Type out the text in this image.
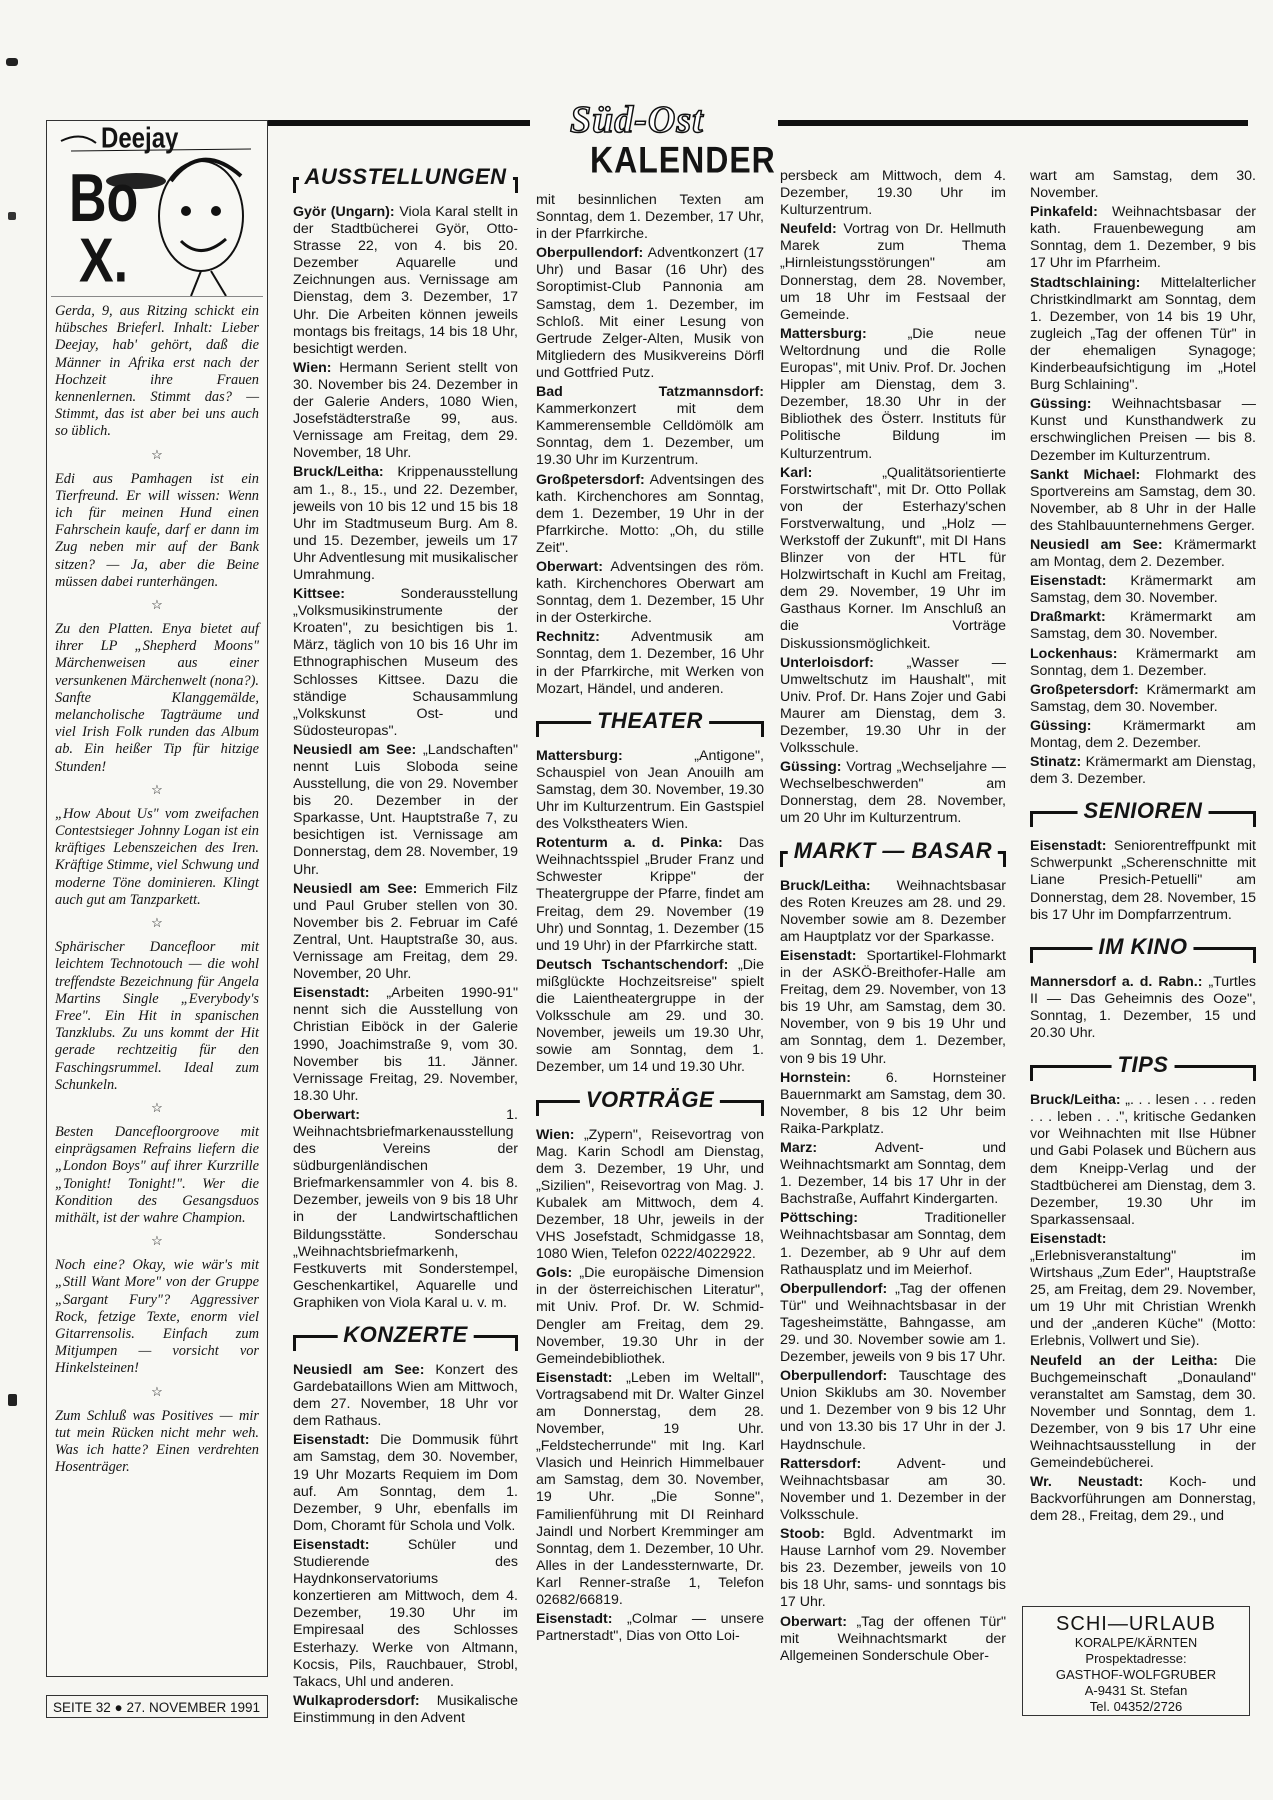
Süd-Ost
KALENDER
Deejay
Bo
X.

Gerda, 9, aus Ritzing schickt ein hübsches Brieferl. Inhalt: Lieber Deejay, hab' gehört, daß die Männer in Afrika erst nach der Hochzeit ihre Frauen kennenlernen. Stimmt das? — Stimmt, das ist aber bei uns auch so üblich.

☆

Edi aus Pamhagen ist ein Tierfreund. Er will wissen: Wenn ich für meinen Hund einen Fahrschein kaufe, darf er dann im Zug neben mir auf der Bank sitzen? — Ja, aber die Beine müssen dabei runterhängen.

☆

Zu den Platten. Enya bietet auf ihrer LP „Shepherd Moons" Märchenweisen aus einer versunkenen Märchenwelt (nona?). Sanfte Klanggemälde, melancholische Tagträume und viel Irish Folk runden das Album ab. Ein heißer Tip für hitzige Stunden!

☆

„How About Us" vom zweifachen Contestsieger Johnny Logan ist ein kräftiges Lebenszeichen des Iren. Kräftige Stimme, viel Schwung und moderne Töne dominieren. Klingt auch gut am Tanzparkett.

☆

Sphärischer Dancefloor mit leichtem Technotouch — die wohl treffendste Bezeichnung für Angela Martins Single „Everybody's Free". Ein Hit in spanischen Tanzklubs. Zu uns kommt der Hit gerade rechtzeitig für den Faschingsrummel. Ideal zum Schunkeln.

☆

Besten Dancefloorgroove mit einprägsamen Refrains liefern die „London Boys" auf ihrer Kurzrille „Tonight! Tonight!". Wer die Kondition des Gesangsduos mithält, ist der wahre Champion.

☆

Noch eine? Okay, wie wär's mit „Still Want More" von der Gruppe „Sargant Fury"? Aggressiver Rock, fetzige Texte, enorm viel Gitarrensolis. Einfach zum Mitjumpen — vorsicht vor Hinkelsteinen!

☆

Zum Schluß was Positives — mir tut mein Rücken nicht mehr weh. Was ich hatte? Einen verdrehten Hosenträger.

SEITE 32 ● 27. NOVEMBER 1991
AUSSTELLUNGEN

Györ (Ungarn): Viola Karal stellt in der Stadtbücherei Györ, Otto-Strasse 22, von 4. bis 20. Dezember Aquarelle und Zeichnungen aus. Vernissage am Dienstag, dem 3. Dezember, 17 Uhr. Die Arbeiten können jeweils montags bis freitags, 14 bis 18 Uhr, besichtigt werden.

Wien: Hermann Serient stellt von 30. November bis 24. Dezember in der Galerie Anders, 1080 Wien, Josefstädterstraße 99, aus. Vernissage am Freitag, dem 29. November, 18 Uhr.

Bruck/Leitha: Krippenausstellung am 1., 8., 15., und 22. Dezember, jeweils von 10 bis 12 und 15 bis 18 Uhr im Stadtmuseum Burg. Am 8. und 15. Dezember, jeweils um 17 Uhr Adventlesung mit musikalischer Umrahmung.

Kittsee: Sonderausstellung „Volksmusikinstrumente der Kroaten", zu besichtigen bis 1. März, täglich von 10 bis 16 Uhr im Ethnographischen Museum des Schlosses Kittsee. Dazu die ständige Schausammlung „Volkskunst Ost- und Südosteuropas".

Neusiedl am See: „Landschaften" nennt Luis Sloboda seine Ausstellung, die von 29. November bis 20. Dezember in der Sparkasse, Unt. Hauptstraße 7, zu besichtigen ist. Vernissage am Donnerstag, dem 28. November, 19 Uhr.

Neusiedl am See: Emmerich Filz und Paul Gruber stellen von 30. November bis 2. Februar im Café Zentral, Unt. Hauptstraße 30, aus. Vernissage am Freitag, dem 29. November, 20 Uhr.

Eisenstadt: „Arbeiten 1990-91" nennt sich die Ausstellung von Christian Eiböck in der Galerie 1990, Joachimstraße 9, vom 30. November bis 11. Jänner. Vernissage Freitag, 29. November, 18.30 Uhr.

Oberwart: 1. Weihnachtsbriefmarkenausstellung des Vereins der südburgenländischen Briefmarkensammler von 4. bis 8. Dezember, jeweils von 9 bis 18 Uhr in der Landwirtschaftlichen Bildungsstätte. Sonderschau „Weihnachtsbriefmarkenh, Festkuverts mit Sonderstempel, Geschenkartikel, Aquarelle und Graphiken von Viola Karal u. v. m.

KONZERTE

Neusiedl am See: Konzert des Gardebataillons Wien am Mittwoch, dem 27. November, 18 Uhr vor dem Rathaus.

Eisenstadt: Die Dommusik führt am Samstag, dem 30. November, 19 Uhr Mozarts Requiem im Dom auf. Am Sonntag, dem 1. Dezember, 9 Uhr, ebenfalls im Dom, Choramt für Schola und Volk.

Eisenstadt: Schüler und Studierende des Haydnkonservatoriums konzertieren am Mittwoch, dem 4. Dezember, 19.30 Uhr im Empiresaal des Schlosses Esterhazy. Werke von Altmann, Kocsis, Pils, Rauchbauer, Strobl, Takacs, Uhl und anderen.

Wulkaprodersdorf: Musikalische Einstimmung in den Advent

mit besinnlichen Texten am Sonntag, dem 1. Dezember, 17 Uhr, in der Pfarrkirche.

Oberpullendorf: Adventkonzert (17 Uhr) und Basar (16 Uhr) des Soroptimist-Club Pannonia am Samstag, dem 1. Dezember, im Schloß. Mit einer Lesung von Gertrude Zelger-Alten, Musik von Mitgliedern des Musikvereins Dörfl und Gottfried Putz.

Bad Tatzmannsdorf: Kammerkonzert mit dem Kammerensemble Celldömölk am Sonntag, dem 1. Dezember, um 19.30 Uhr im Kurzentrum.

Großpetersdorf: Adventsingen des kath. Kirchenchores am Sonntag, dem 1. Dezember, 19 Uhr in der Pfarrkirche. Motto: „Oh, du stille Zeit".

Oberwart: Adventsingen des röm. kath. Kirchenchores Oberwart am Sonntag, dem 1. Dezember, 15 Uhr in der Osterkirche.

Rechnitz: Adventmusik am Sonntag, dem 1. Dezember, 16 Uhr in der Pfarrkirche, mit Werken von Mozart, Händel, und anderen.

THEATER

Mattersburg: „Antigone", Schauspiel von Jean Anouilh am Samstag, dem 30. November, 19.30 Uhr im Kulturzentrum. Ein Gastspiel des Volkstheaters Wien.

Rotenturm a. d. Pinka: Das Weihnachtsspiel „Bruder Franz und Schwester Krippe" der Theatergruppe der Pfarre, findet am Freitag, dem 29. November (19 Uhr) und Sonntag, 1. Dezember (15 und 19 Uhr) in der Pfarrkirche statt.

Deutsch Tschantschendorf: „Die mißglückte Hochzeitsreise" spielt die Laientheatergruppe in der Volksschule am 29. und 30. November, jeweils um 19.30 Uhr, sowie am Sonntag, dem 1. Dezember, um 14 und 19.30 Uhr.

VORTRÄGE

Wien: „Zypern", Reisevortrag von Mag. Karin Schodl am Dienstag, dem 3. Dezember, 19 Uhr, und „Sizilien", Reisevortrag von Mag. J. Kubalek am Mittwoch, dem 4. Dezember, 18 Uhr, jeweils in der VHS Josefstadt, Schmidgasse 18, 1080 Wien, Telefon 0222/4022922.

Gols: „Die europäische Dimension in der österreichischen Literatur", mit Univ. Prof. Dr. W. Schmid-Dengler am Freitag, dem 29. November, 19.30 Uhr in der Gemeindebibliothek.

Eisenstadt: „Leben im Weltall", Vortragsabend mit Dr. Walter Ginzel am Donnerstag, dem 28. November, 19 Uhr. „Feldstecherrunde" mit Ing. Karl Vlasich und Heinrich Himmelbauer am Samstag, dem 30. November, 19 Uhr. „Die Sonne", Familienführung mit DI Reinhard Jaindl und Norbert Kremminger am Sonntag, dem 1. Dezember, 10 Uhr. Alles in der Landessternwarte, Dr. Karl Renner-straße 1, Telefon 02682/66819.

Eisenstadt: „Colmar — unsere Partnerstadt", Dias von Otto Loi-

persbeck am Mittwoch, dem 4. Dezember, 19.30 Uhr im Kulturzentrum.

Neufeld: Vortrag von Dr. Hellmuth Marek zum Thema „Hirnleistungsstörungen" am Donnerstag, dem 28. November, um 18 Uhr im Festsaal der Gemeinde.

Mattersburg: „Die neue Weltordnung und die Rolle Europas", mit Univ. Prof. Dr. Jochen Hippler am Dienstag, dem 3. Dezember, 18.30 Uhr in der Bibliothek des Österr. Instituts für Politische Bildung im Kulturzentrum.

Karl: „Qualitätsorientierte Forstwirtschaft", mit Dr. Otto Pollak von der Esterhazy'schen Forstverwaltung, und „Holz — Werkstoff der Zukunft", mit DI Hans Blinzer von der HTL für Holzwirtschaft in Kuchl am Freitag, dem 29. November, 19 Uhr im Gasthaus Korner. Im Anschluß an die Vorträge Diskussionsmöglichkeit.

Unterloisdorf: „Wasser — Umweltschutz im Haushalt", mit Univ. Prof. Dr. Hans Zojer und Gabi Maurer am Dienstag, dem 3. Dezember, 19.30 Uhr in der Volksschule.

Güssing: Vortrag „Wechseljahre — Wechselbeschwerden" am Donnerstag, dem 28. November, um 20 Uhr im Kulturzentrum.

MARKT — BASAR

Bruck/Leitha: Weihnachtsbasar des Roten Kreuzes am 28. und 29. November sowie am 8. Dezember am Hauptplatz vor der Sparkasse.

Eisenstadt: Sportartikel-Flohmarkt in der ASKÖ-Breithofer-Halle am Freitag, dem 29. November, von 13 bis 19 Uhr, am Samstag, dem 30. November, von 9 bis 19 Uhr und am Sonntag, dem 1. Dezember, von 9 bis 19 Uhr.

Hornstein: 6. Hornsteiner Bauernmarkt am Samstag, dem 30. November, 8 bis 12 Uhr beim Raika-Parkplatz.

Marz: Advent- und Weihnachtsmarkt am Sonntag, dem 1. Dezember, 14 bis 17 Uhr in der Bachstraße, Auffahrt Kindergarten.

Pöttsching: Traditioneller Weihnachtsbasar am Sonntag, dem 1. Dezember, ab 9 Uhr auf dem Rathausplatz und im Meierhof.

Oberpullendorf: „Tag der offenen Tür" und Weihnachtsbasar in der Tagesheimstätte, Bahngasse, am 29. und 30. November sowie am 1. Dezember, jeweils von 9 bis 17 Uhr.

Oberpullendorf: Tauschtage des Union Skiklubs am 30. November und 1. Dezember von 9 bis 12 Uhr und von 13.30 bis 17 Uhr in der J. Haydnschule.

Rattersdorf: Advent- und Weihnachtsbasar am 30. November und 1. Dezember in der Volksschule.

Stoob: Bgld. Adventmarkt im Hause Larnhof vom 29. November bis 23. Dezember, jeweils von 10 bis 18 Uhr, sams- und sonntags bis 17 Uhr.

Oberwart: „Tag der offenen Tür" mit Weihnachtsmarkt der Allgemeinen Sonderschule Ober-

wart am Samstag, dem 30. November.

Pinkafeld: Weihnachtsbasar der kath. Frauenbewegung am Sonntag, dem 1. Dezember, 9 bis 17 Uhr im Pfarrheim.

Stadtschlaining: Mittelalterlicher Christkindlmarkt am Sonntag, dem 1. Dezember, von 14 bis 19 Uhr, zugleich „Tag der offenen Tür" in der ehemaligen Synagoge; Kinderbeaufsichtigung im „Hotel Burg Schlaining".

Güssing: Weihnachtsbasar — Kunst und Kunsthandwerk zu erschwinglichen Preisen — bis 8. Dezember im Kulturzentrum.

Sankt Michael: Flohmarkt des Sportvereins am Samstag, dem 30. November, ab 8 Uhr in der Halle des Stahlbauunternehmens Gerger.

Neusiedl am See: Krämermarkt am Montag, dem 2. Dezember.

Eisenstadt: Krämermarkt am Samstag, dem 30. November.

Draßmarkt: Krämermarkt am Samstag, dem 30. November.

Lockenhaus: Krämermarkt am Sonntag, dem 1. Dezember.

Großpetersdorf: Krämermarkt am Samstag, dem 30. November.

Güssing: Krämermarkt am Montag, dem 2. Dezember.

Stinatz: Krämermarkt am Dienstag, dem 3. Dezember.

SENIOREN

Eisenstadt: Seniorentreffpunkt mit Schwerpunkt „Scherenschnitte mit Liane Presich-Petuelli" am Donnerstag, dem 28. November, 15 bis 17 Uhr im Dompfarrzentrum.

IM KINO

Mannersdorf a. d. Rabn.: „Turtles II — Das Geheimnis des Ooze", Sonntag, 1. Dezember, 15 und 20.30 Uhr.

TIPS

Bruck/Leitha: „. . . lesen . . . reden . . . leben . . .", kritische Gedanken vor Weihnachten mit Ilse Hübner und Gabi Polasek und Büchern aus dem Kneipp-Verlag und der Stadtbücherei am Dienstag, dem 3. Dezember, 19.30 Uhr im Sparkassensaal.

Eisenstadt: „Erlebnisveranstaltung" im Wirtshaus „Zum Eder", Hauptstraße 25, am Freitag, dem 29. November, um 19 Uhr mit Christian Wrenkh und der „anderen Küche" (Motto: Erlebnis, Vollwert und Sie).

Neufeld an der Leitha: Die Buchgemeinschaft „Donauland" veranstaltet am Samstag, dem 30. November und Sonntag, dem 1. Dezember, von 9 bis 17 Uhr eine Weihnachtsausstellung in der Gemeindebücherei.

Wr. Neustadt: Koch- und Backvorführungen am Donnerstag, dem 28., Freitag, dem 29., und

SCHI—URLAUB
KORALPE/KÄRNTEN
Prospektadresse:
GASTHOF-WOLFGRUBER
A-9431 St. Stefan
Tel. 04352/2726
